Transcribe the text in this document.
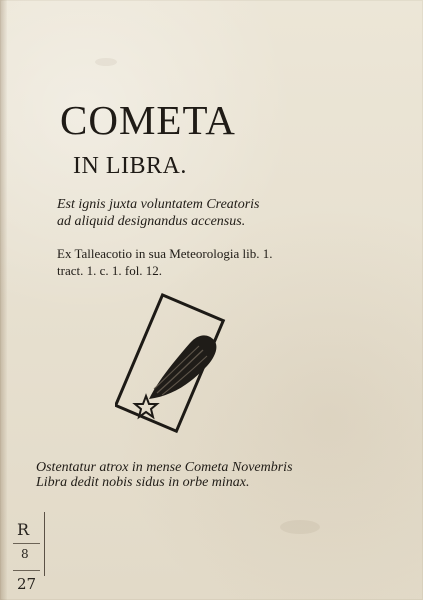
COMETA
IN LIBRA.
Est ignis juxta voluntatem Creatoris
ad aliquid designandus accensus.
Ex Talleacotio in sua Meteorologia lib. 1.
tract. 1. c. 1. fol. 12.
Ostentatur atrox in mense Cometa Novembris
Libra dedit nobis sidus in orbe minax.
R
8
27
